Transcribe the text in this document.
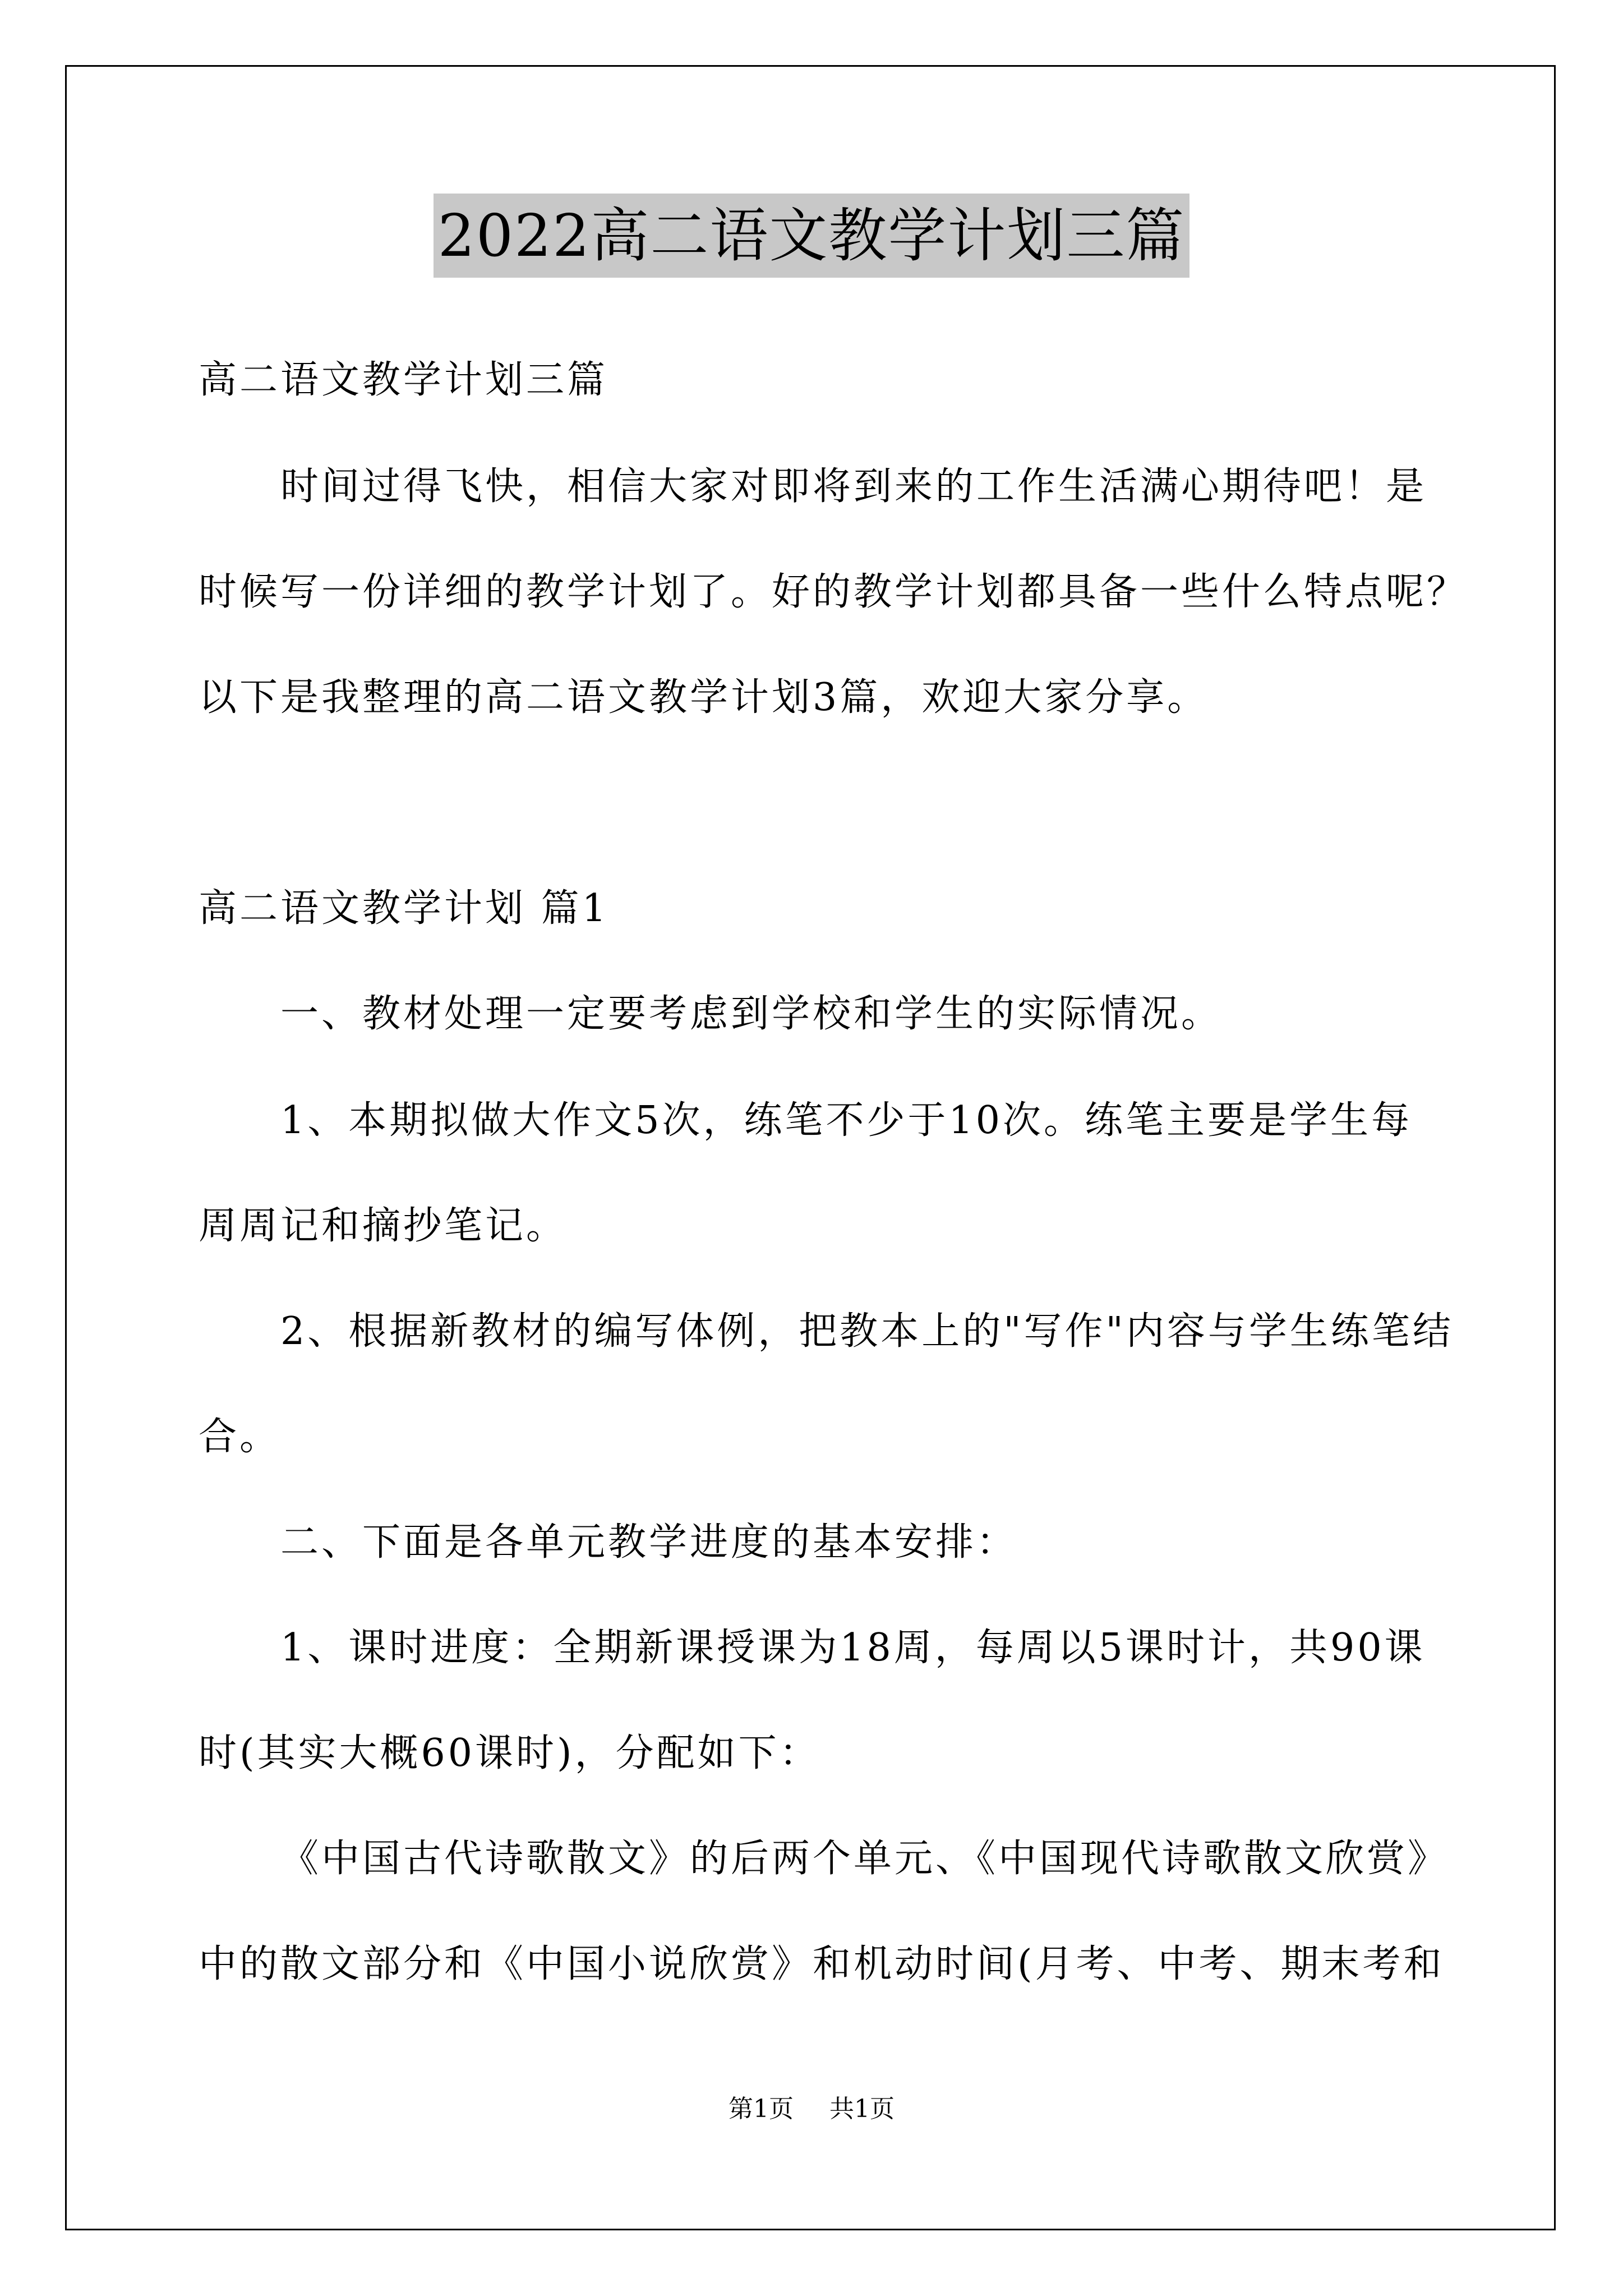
2022高二语文教学计划三篇
高二语文教学计划三篇
时间过得飞快，相信大家对即将到来的工作生活满心期待吧！是
时候写一份详细的教学计划了。好的教学计划都具备一些什么特点呢？
以下是我整理的高二语文教学计划3篇，欢迎大家分享。
高二语文教学计划 篇1
一、教材处理一定要考虑到学校和学生的实际情况。
1、本期拟做大作文5次，练笔不少于10次。练笔主要是学生每
周周记和摘抄笔记。
2、根据新教材的编写体例，把教本上的"写作"内容与学生练笔结
合。
二、下面是各单元教学进度的基本安排：
1、课时进度：全期新课授课为18周，每周以5课时计，共90课
时(其实大概60课时)，分配如下：
《中国古代诗歌散文》的后两个单元、《中国现代诗歌散文欣赏》
中的散文部分和《中国小说欣赏》和机动时间(月考、中考、期末考和
第1页 共1页
